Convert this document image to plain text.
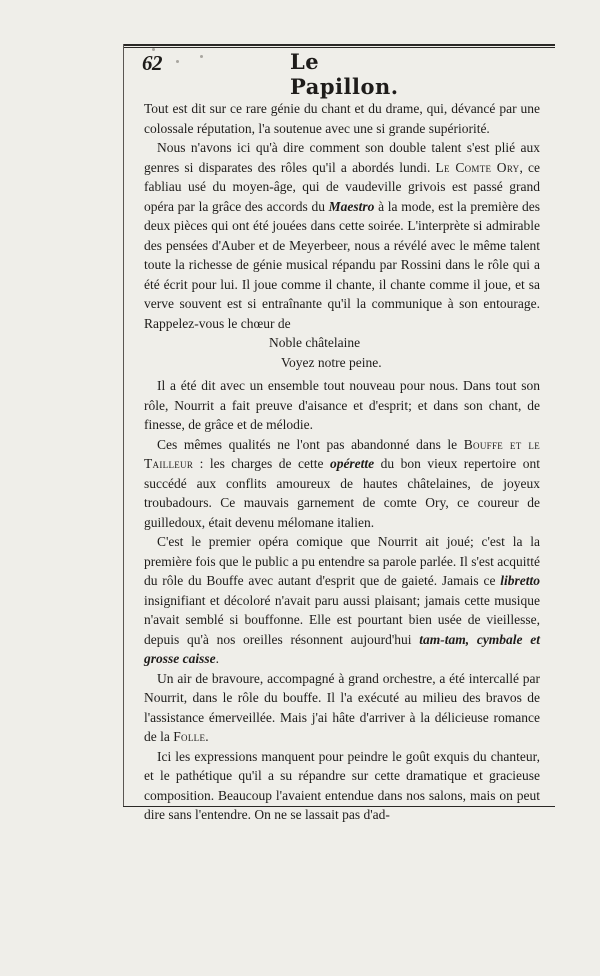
62	Le Papillon.

Tout est dit sur ce rare génie du chant et du drame, qui, dévancé par une colossale réputation, l'a soutenue avec une si grande supériorité.

Nous n'avons ici qu'à dire comment son double talent s'est plié aux genres si disparates des rôles qu'il a abordés lundi. Le Comte Ory, ce fabliau usé du moyen-âge, qui de vaudeville grivois est passé grand opéra par la grâce des accords du Maestro à la mode, est la première des deux pièces qui ont été jouées dans cette soirée. L'interprète si admirable des pensées d'Auber et de Meyerbeer, nous a révélé avec le même talent toute la richesse de génie musical répandu par Rossini dans le rôle qui a été écrit pour lui. Il joue comme il chante, il chante comme il joue, et sa verve souvent est si entraînante qu'il la communique à son entourage. Rappelez-vous le chœur de

Noble châtelaine

Voyez notre peine.

Il a été dit avec un ensemble tout nouveau pour nous. Dans tout son rôle, Nourrit a fait preuve d'aisance et d'esprit; et dans son chant, de finesse, de grâce et de mélodie.

Ces mêmes qualités ne l'ont pas abandonné dans le Bouffe et le Tailleur : les charges de cette opérette du bon vieux repertoire ont succédé aux conflits amoureux de hautes châtelaines, de joyeux troubadours. Ce mauvais garnement de comte Ory, ce coureur de guilledoux, était devenu mélomane italien.

C'est le premier opéra comique que Nourrit ait joué; c'est la la première fois que le public a pu entendre sa parole parlée. Il s'est acquitté du rôle du Bouffe avec autant d'esprit que de gaieté. Jamais ce libretto insignifiant et décoloré n'avait paru aussi plaisant; jamais cette musique n'avait semblé si bouffonne. Elle est pourtant bien usée de vieillesse, depuis qu'à nos oreilles résonnent aujourd'hui tam-tam, cymbale et grosse caisse.

Un air de bravoure, accompagné à grand orchestre, a été intercallé par Nourrit, dans le rôle du bouffe. Il l'a exécuté au milieu des bravos de l'assistance émerveillée. Mais j'ai hâte d'arriver à la délicieuse romance de la Folle.

Ici les expressions manquent pour peindre le goût exquis du chanteur, et le pathétique qu'il a su répandre sur cette dramatique et gracieuse composition. Beaucoup l'avaient entendue dans nos salons, mais on peut dire sans l'entendre. On ne se lassait pas d'ad-
